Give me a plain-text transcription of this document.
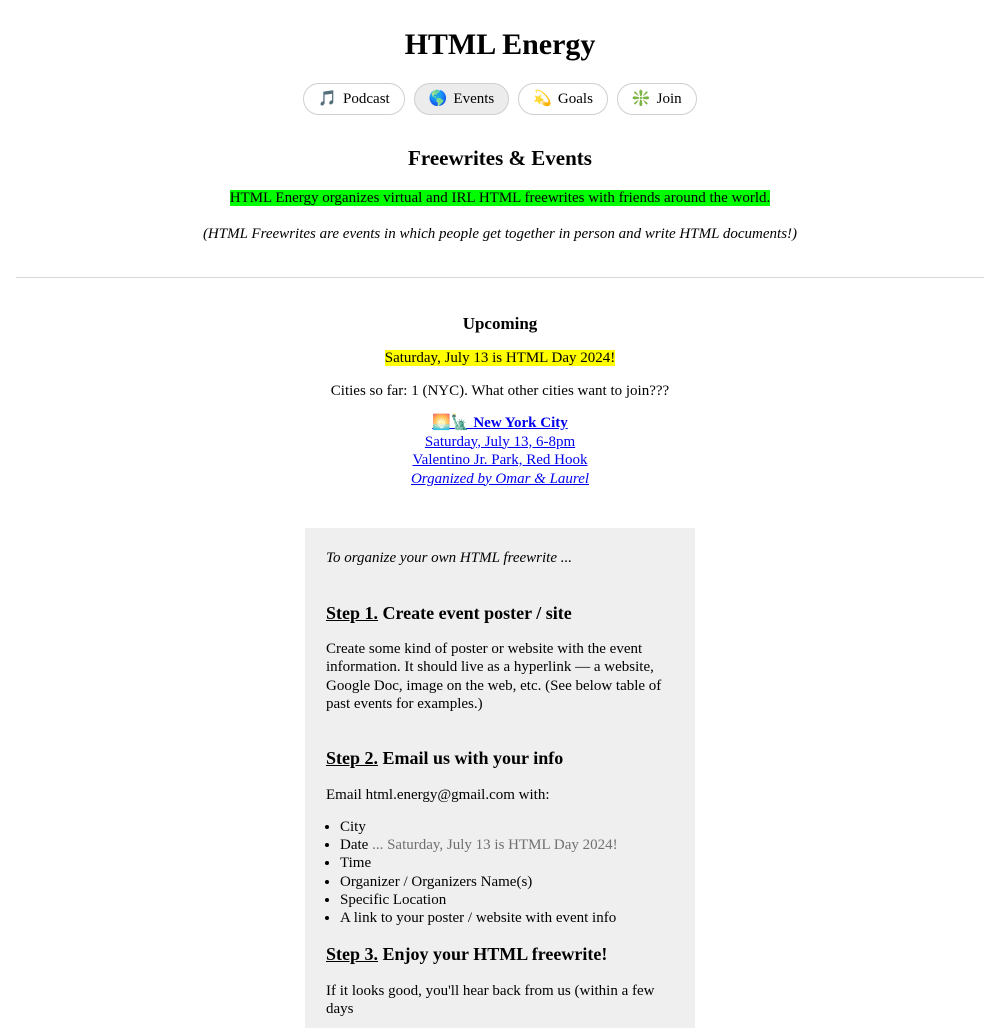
HTML Energy
🎵 Podcast	🌎 Events	💫 Goals	❇️ Join
Freewrites & Events

HTML Energy organizes virtual and IRL HTML freewrites with friends around the world.

(HTML Freewrites are events in which people get together in person and write HTML documents!)

Upcoming

Saturday, July 13 is HTML Day 2024!

Cities so far: 1 (NYC). What other cities want to join???

🌅🗽 New York City
Saturday, July 13, 6-8pm
Valentino Jr. Park, Red Hook
Organized by Omar & Laurel

To organize your own HTML freewrite ...

Step 1. Create event poster / site

Create some kind of poster or website with the event information. It should live as a hyperlink — a website, Google Doc, image on the web, etc. (See below table of past events for examples.)

Step 2. Email us with your info

Email html.energy@gmail.com with:

• City
• Date ... Saturday, July 13 is HTML Day 2024!
• Time
• Organizer / Organizers Name(s)
• Specific Location
• A link to your poster / website with event info
Step 3. Enjoy your HTML freewrite!

If it looks good, you'll hear back from us (within a few days
